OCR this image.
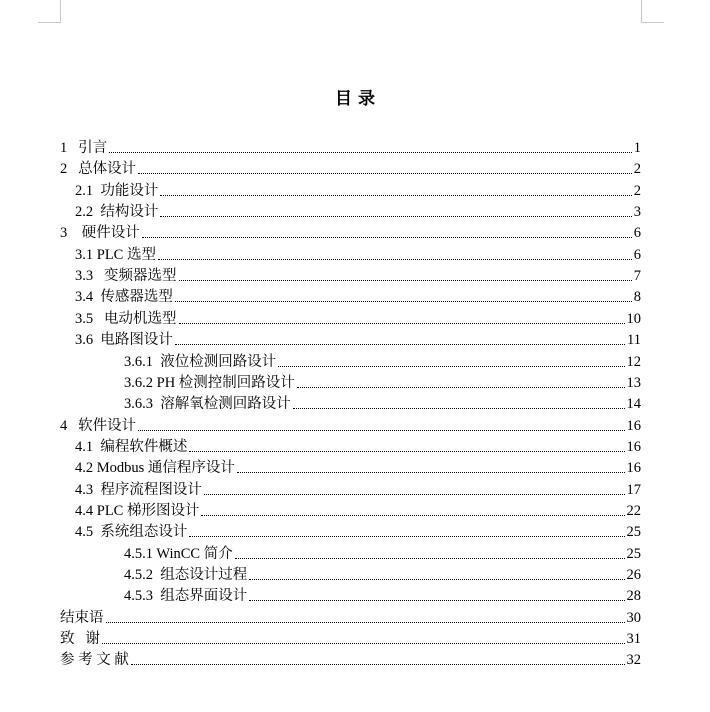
目 录
1   引言	1
2   总体设计	2
2.1  功能设计	2
2.2  结构设计	3
3    硬件设计	6
3.1 PLC 选型	6
3.3   变频器选型	7
3.4  传感器选型	8
3.5   电动机选型	10
3.6  电路图设计	11
3.6.1  液位检测回路设计	12
3.6.2 PH 检测控制回路设计	13
3.6.3  溶解氧检测回路设计	14
4   软件设计	16
4.1  编程软件概述	16
4.2 Modbus 通信程序设计	16
4.3  程序流程图设计	17
4.4 PLC 梯形图设计	22
4.5  系统组态设计	25
4.5.1 WinCC 简介	25
4.5.2  组态设计过程	26
4.5.3  组态界面设计	28
结束语	30
致   谢	31
参 考 文 献	32
